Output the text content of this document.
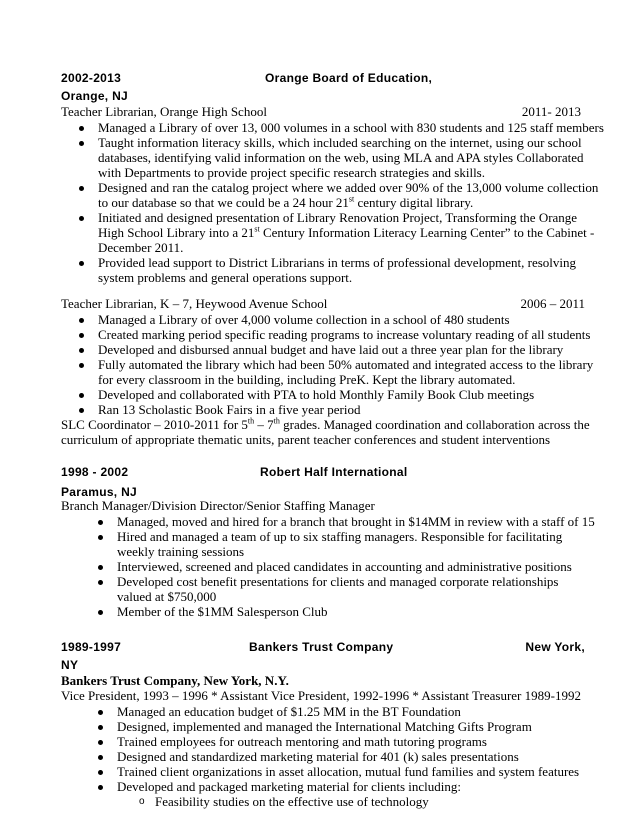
2002-2013	Orange Board of Education,
Orange, NJ
Teacher Librarian, Orange High School	2011- 2013
Managed a Library of over 13, 000 volumes in a school with 830 students and 125 staff members
Taught information literacy skills, which included searching on the internet, using our school
databases, identifying valid information on the web, using MLA and APA styles Collaborated
with Departments to provide project specific research strategies and skills.
Designed and ran the catalog project where we added over 90% of the 13,000 volume collection
to our database so that we could be a 24 hour 21st century digital library.
Initiated and designed presentation of Library Renovation Project, Transforming the Orange
High School Library into a 21st Century Information Literacy Learning Center” to the Cabinet -
December 2011.
Provided lead support to District Librarians in terms of professional development, resolving
system problems and general operations support.
Teacher Librarian, K – 7, Heywood Avenue School	2006 – 2011
Managed a Library of over 4,000 volume collection in a school of 480 students
Created marking period specific reading programs to increase voluntary reading of all students
Developed and disbursed annual budget and have laid out a three year plan for the library
Fully automated the library which had been 50% automated and integrated access to the library
for every classroom in the building, including PreK. Kept the library automated.
Developed and collaborated with PTA to hold Monthly Family Book Club meetings
Ran 13 Scholastic Book Fairs in a five year period
SLC Coordinator – 2010-2011 for 5th – 7th grades. Managed coordination and collaboration across the
curriculum of appropriate thematic units, parent teacher conferences and student interventions
1998 - 2002	Robert Half International
Paramus, NJ
Branch Manager/Division Director/Senior Staffing Manager
Managed, moved and hired for a branch that brought in $14MM in review with a staff of 15
Hired and managed a team of up to six staffing managers. Responsible for facilitating
weekly training sessions
Interviewed, screened and placed candidates in accounting and administrative positions
Developed cost benefit presentations for clients and managed corporate relationships
valued at $750,000
Member of the $1MM Salesperson Club
1989-1997	Bankers Trust Company	New York,
NY
Bankers Trust Company, New York, N.Y.
Vice President, 1993 – 1996 * Assistant Vice President, 1992-1996 * Assistant Treasurer 1989-1992
Managed an education budget of $1.25 MM in the BT Foundation
Designed, implemented and managed the International Matching Gifts Program
Trained employees for outreach mentoring and math tutoring programs
Designed and standardized marketing material for 401 (k) sales presentations
Trained client organizations in asset allocation, mutual fund families and system features
Developed and packaged marketing material for clients including:
o Feasibility studies on the effective use of technology
